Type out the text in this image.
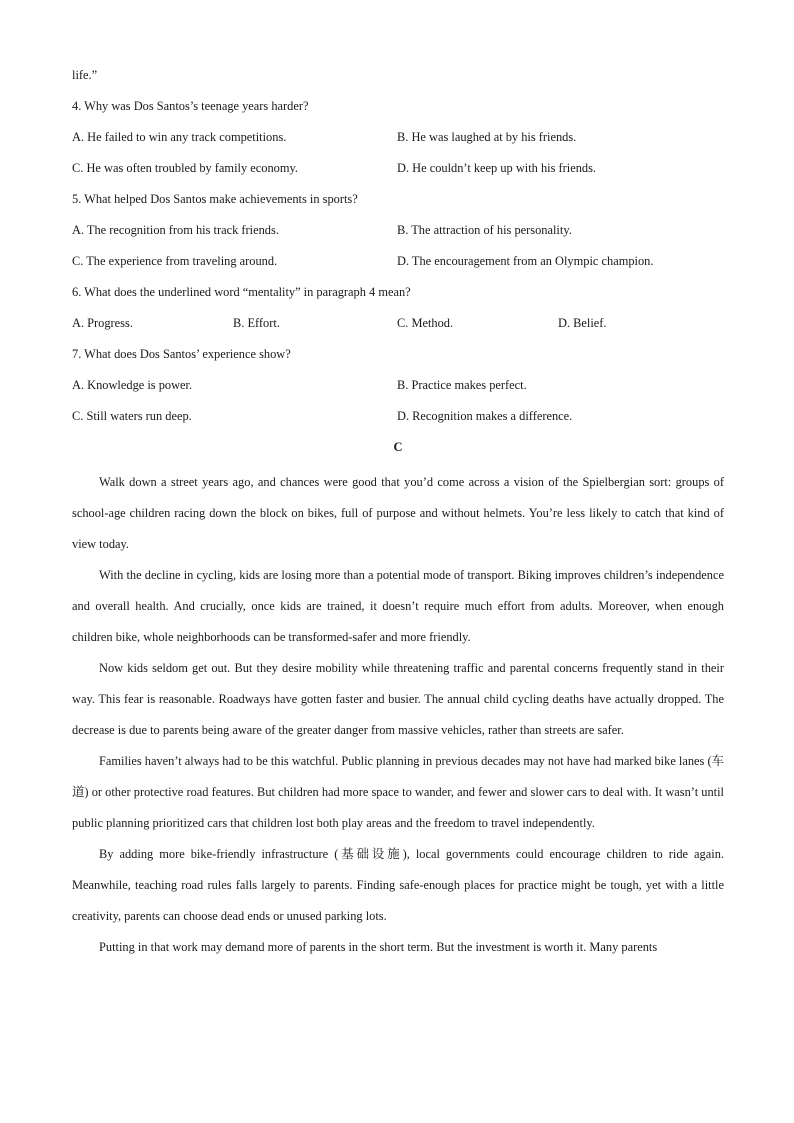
life.”
4. Why was Dos Santos’s teenage years harder?
A. He failed to win any track competitions.	B. He was laughed at by his friends.
C. He was often troubled by family economy.	D. He couldn’t keep up with his friends.
5. What helped Dos Santos make achievements in sports?
A. The recognition from his track friends.	B. The attraction of his personality.
C. The experience from traveling around.	D. The encouragement from an Olympic champion.
6. What does the underlined word “mentality” in paragraph 4 mean?
A. Progress.	B. Effort.	C. Method.	D. Belief.
7. What does Dos Santos’ experience show?
A. Knowledge is power.	B. Practice makes perfect.
C. Still waters run deep.	D. Recognition makes a difference.
C

Walk down a street years ago, and chances were good that you’d come across a vision of the Spielbergian sort: groups of school-age children racing down the block on bikes, full of purpose and without helmets. You’re less likely to catch that kind of view today.

With the decline in cycling, kids are losing more than a potential mode of transport. Biking improves children’s independence and overall health. And crucially, once kids are trained, it doesn’t require much effort from adults. Moreover, when enough children bike, whole neighborhoods can be transformed-safer and more friendly.

Now kids seldom get out. But they desire mobility while threatening traffic and parental concerns frequently stand in their way. This fear is reasonable. Roadways have gotten faster and busier. The annual child cycling deaths have actually dropped. The decrease is due to parents being aware of the greater danger from massive vehicles, rather than streets are safer.

Families haven’t always had to be this watchful. Public planning in previous decades may not have had marked bike lanes (车道) or other protective road features. But children had more space to wander, and fewer and slower cars to deal with. It wasn’t until public planning prioritized cars that children lost both play areas and the freedom to travel independently.

By adding more bike-friendly infrastructure (基础设施), local governments could encourage children to ride again. Meanwhile, teaching road rules falls largely to parents. Finding safe-enough places for practice might be tough, yet with a little creativity, parents can choose dead ends or unused parking lots.

Putting in that work may demand more of parents in the short term. But the investment is worth it. Many parents
